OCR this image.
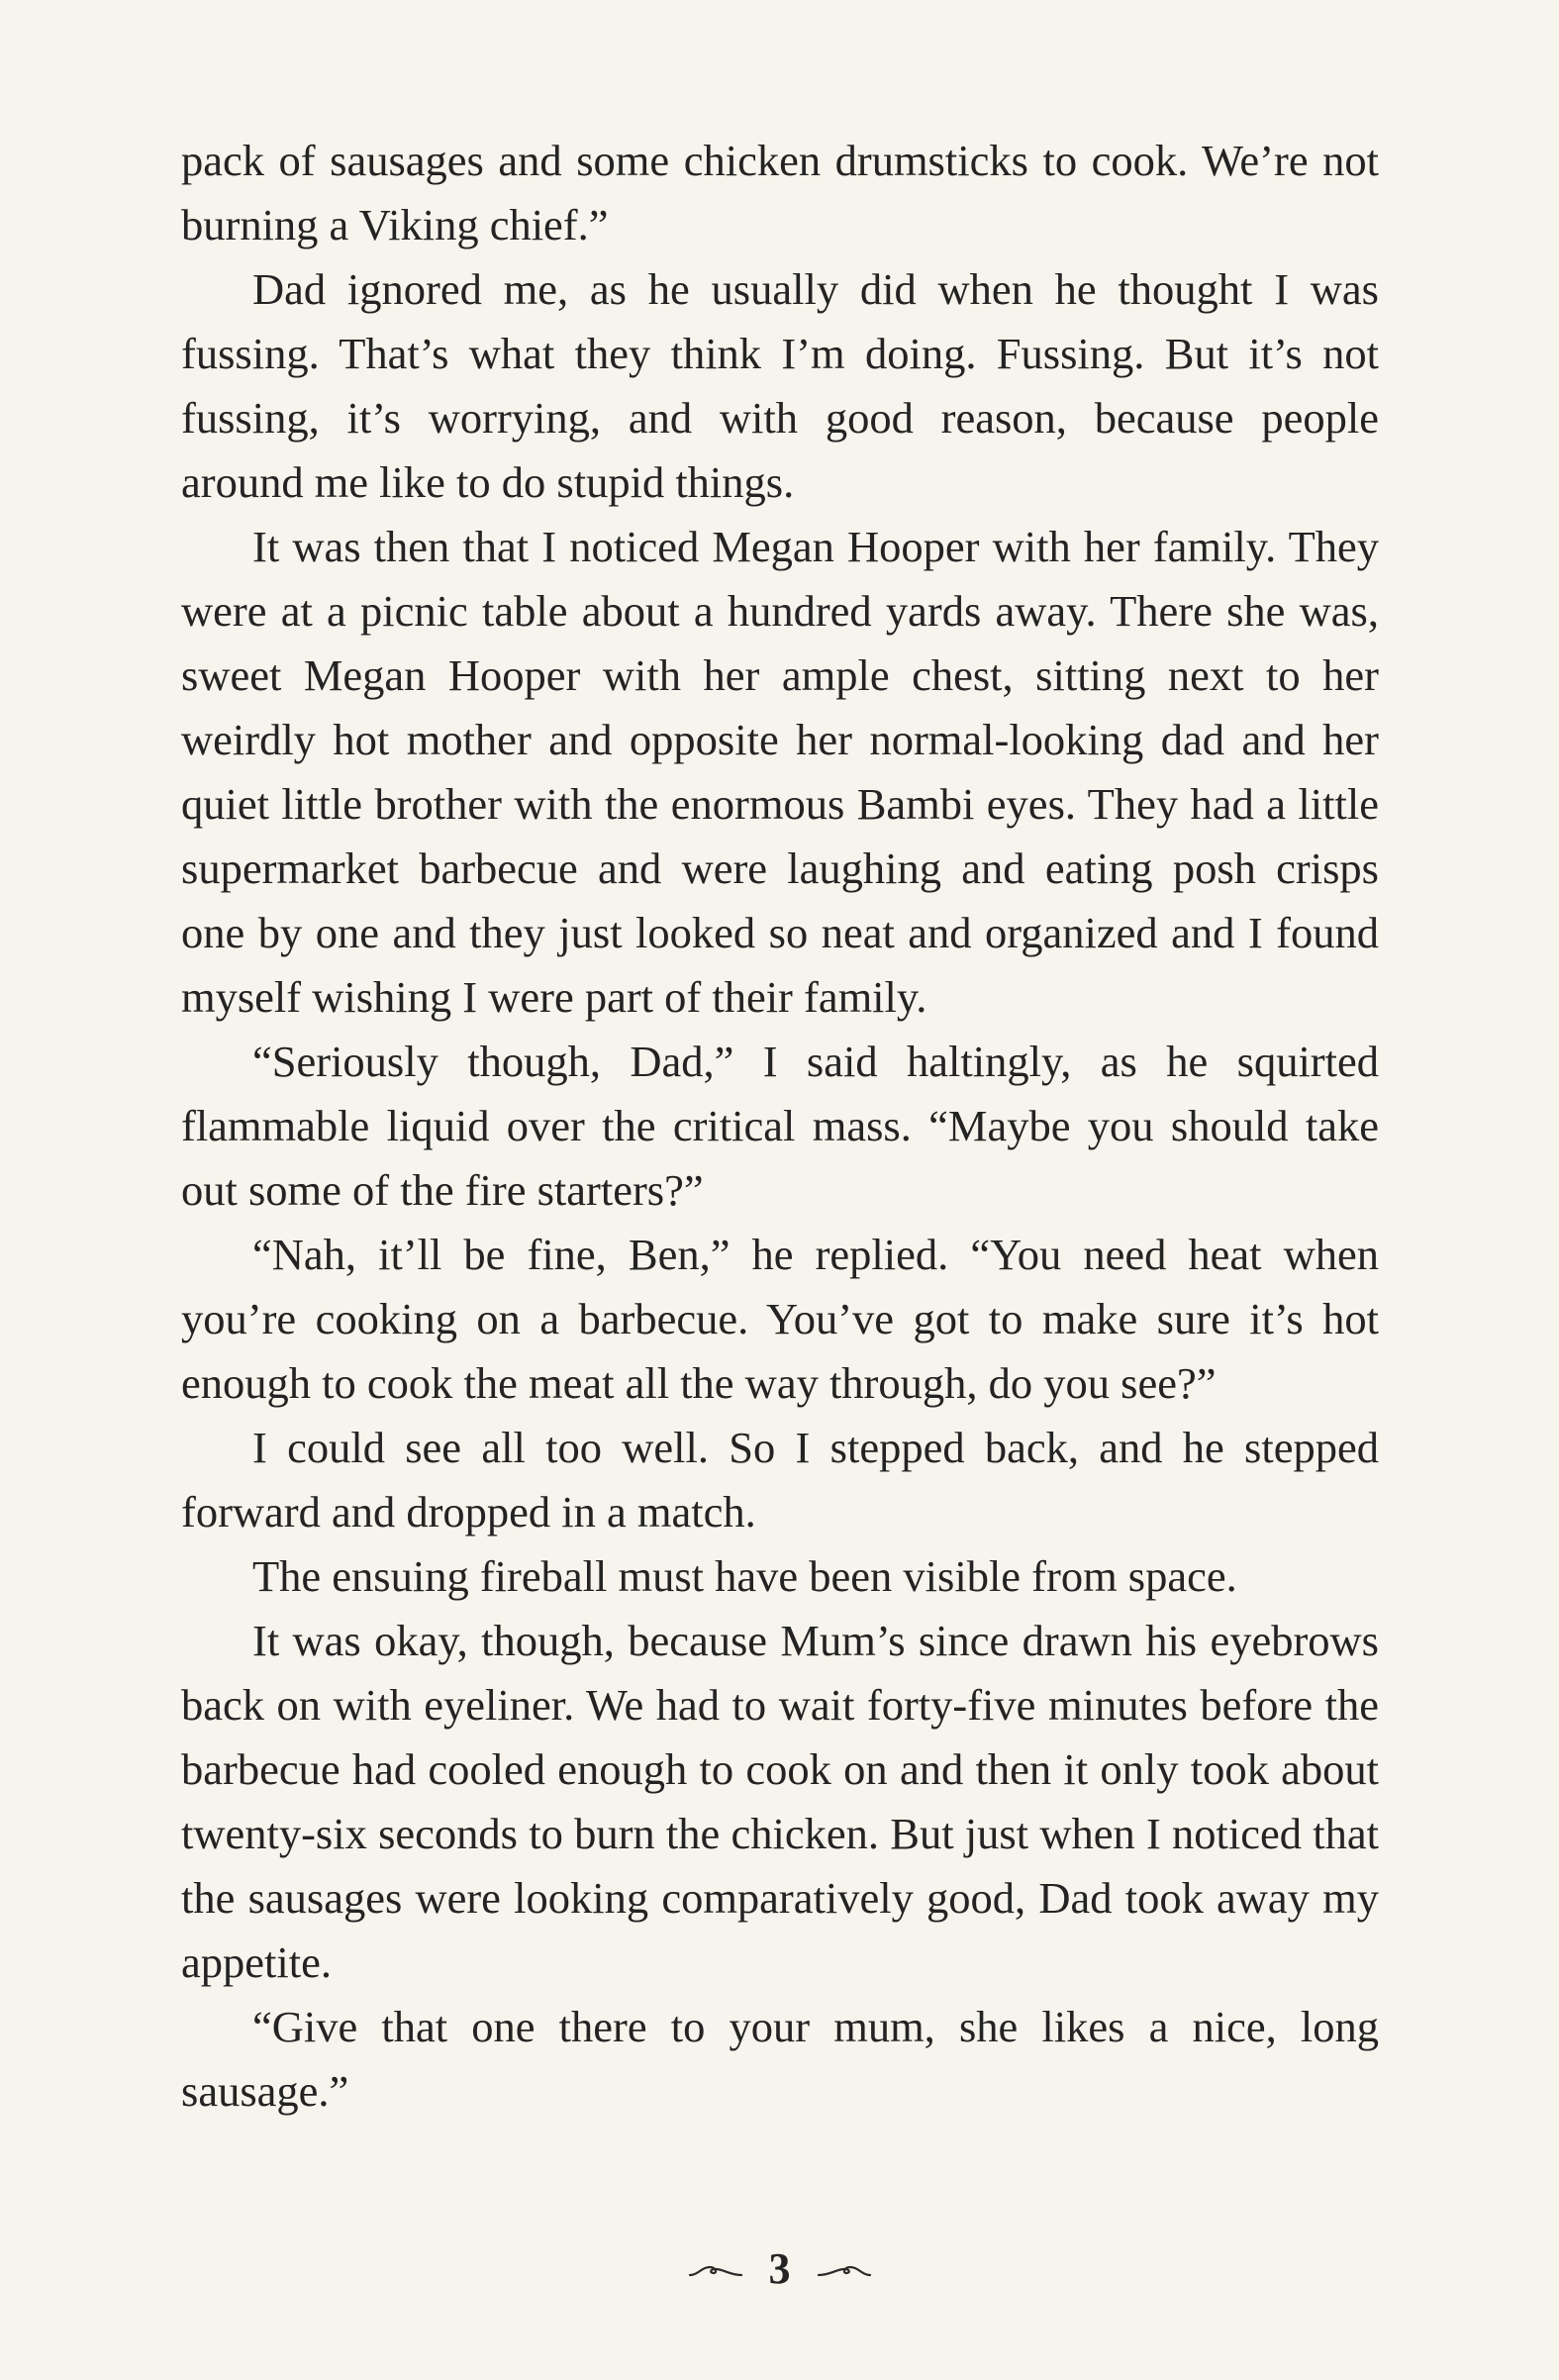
pack of sausages and some chicken drumsticks to cook. We’re not burning a Viking chief.”

Dad ignored me, as he usually did when he thought I was fussing. That’s what they think I’m doing. Fussing. But it’s not fussing, it’s worrying, and with good reason, because people around me like to do stupid things.

It was then that I noticed Megan Hooper with her family. They were at a picnic table about a hundred yards away. There she was, sweet Megan Hooper with her ample chest, sitting next to her weirdly hot mother and opposite her normal-looking dad and her quiet little brother with the enormous Bambi eyes. They had a little supermarket barbecue and were laughing and eating posh crisps one by one and they just looked so neat and organized and I found myself wishing I were part of their family.

“Seriously though, Dad,” I said haltingly, as he squirted flammable liquid over the critical mass. “Maybe you should take out some of the fire starters?”

“Nah, it’ll be fine, Ben,” he replied. “You need heat when you’re cooking on a barbecue. You’ve got to make sure it’s hot enough to cook the meat all the way through, do you see?”

I could see all too well. So I stepped back, and he stepped forward and dropped in a match.

The ensuing fireball must have been visible from space.

It was okay, though, because Mum’s since drawn his eyebrows back on with eyeliner. We had to wait forty-five minutes before the barbecue had cooled enough to cook on and then it only took about twenty-six seconds to burn the chicken. But just when I noticed that the sausages were looking comparatively good, Dad took away my appetite.

“Give that one there to your mum, she likes a nice, long sausage.”

3
